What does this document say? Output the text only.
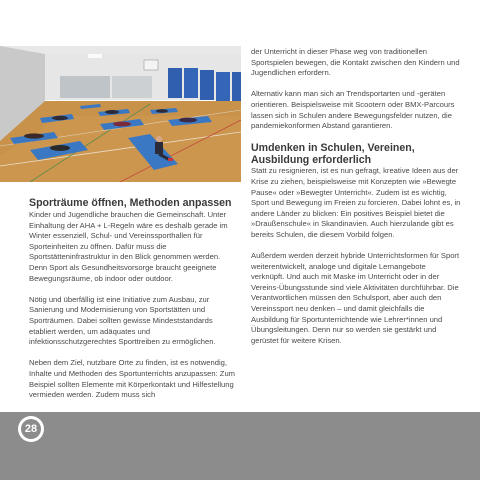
Sporträume öffnen, Methoden anpassen

Kinder und Jugendliche brauchen die Gemeinschaft. Unter Einhaltung der AHA + L-Regeln wäre es deshalb gerade im Winter essenziell, Schul- und Vereinssporthallen für Sporteinheiten zu öffnen. Dafür muss die Sportstätteninfrastruktur in den Blick genommen werden. Denn Sport als Gesundheitsvorsorge braucht geeignete Bewegungsräume, ob indoor oder outdoor.

Nötig und überfällig ist eine Initiative zum Ausbau, zur Sanierung und Modernisierung von Sportstätten und Sporträumen. Dabei sollten gewisse Mindeststandards etabliert werden, um adäquates und infektionsschutzgerechtes Sporttreiben zu ermöglichen.

Neben dem Ziel, nutzbare Orte zu finden, ist es notwendig, Inhalte und Methoden des Sportunterrichts anzupassen: Zum Beispiel sollten Elemente mit Körperkontakt und Hilfestellung vermieden werden. Zudem muss sich

der Unterricht in dieser Phase weg von traditionellen Sportspielen bewegen, die Kontakt zwischen den Kindern und Jugendlichen erfordern.

Alternativ kann man sich an Trendsportarten und -geräten orientieren. Beispielsweise mit Scootern oder BMX-Parcours lassen sich in Schulen andere Bewegungsfelder nutzen, die pandemiekonformen Abstand garantieren.

Umdenken in Schulen, Vereinen, Ausbildung erforderlich

Statt zu resignieren, ist es nun gefragt, kreative Ideen aus der Krise zu ziehen, beispielsweise mit Konzepten wie »Bewegte Pause« oder »Bewegter Unterricht«. Zudem ist es wichtig, Sport und Bewegung im Freien zu forcieren. Dabei lohnt es, in andere Länder zu blicken: Ein positives Beispiel bietet die »Draußenschule« in Skandinavien. Auch hierzulande gibt es bereits Schulen, die diesem Vorbild folgen.

Außerdem werden derzeit hybride Unterrichtsformen für Sport weiterentwickelt, analoge und digitale Lernangebote verknüpft. Und auch mit Maske im Unterricht oder in der Vereins-Übungsstunde sind viele Aktivitäten durchführbar. Die Verantwortlichen müssen den Schulsport, aber auch den Vereinssport neu denken – und damit gleichfalls die Ausbildung für Sportunterrichtende wie Lehrer*innen und Übungsleitungen. Denn nur so werden sie gestärkt und gerüstet für weitere Krisen.

28
